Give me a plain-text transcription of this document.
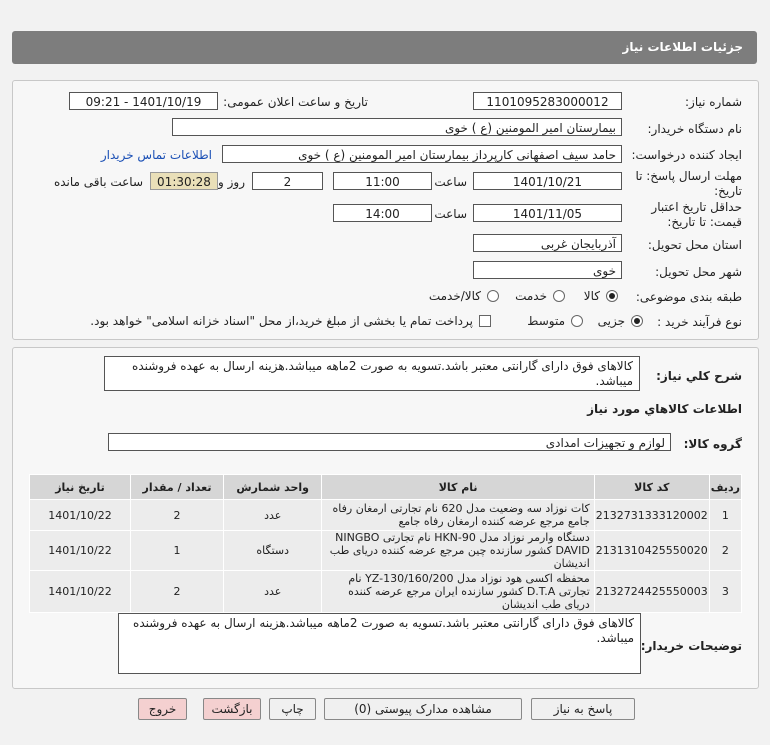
جزئیات اطلاعات نیاز
شماره نیاز:
1101095283000012
تاریخ و ساعت اعلان عمومی:
1401/10/19 - 09:21
نام دستگاه خریدار:
بیمارستان امیر المومنین (ع ) خوی
ایجاد کننده درخواست:
حامد سیف اصفهانی کارپرداز بیمارستان امیر المومنین (ع ) خوی
اطلاعات تماس خریدار
مهلت ارسال پاسخ: تا
تاریخ:
1401/10/21
ساعت
11:00
2
روز و
01:30:28
ساعت باقی مانده
حداقل تاریخ اعتبار
قیمت: تا تاریخ:
1401/11/05
ساعت
14:00
استان محل تحویل:
آذربایجان غربی
شهر محل تحویل:
خوی
طبقه بندی موضوعی:
کالا
خدمت
کالا/خدمت
نوع فرآیند خرید :
جزیی
متوسط
پرداخت تمام یا بخشی از مبلغ خرید،از محل "اسناد خزانه اسلامی" خواهد بود.
شرح کلي نياز:
کالاهای فوق دارای گارانتی معتبر باشد.تسویه به صورت 2ماهه میباشد.هزینه ارسال به عهده فروشنده میباشد.
اطلاعات کالاهاي مورد نياز
گروه کالا:
لوازم و تجهیزات امدادی
ردیف	کد کالا	نام کالا	واحد شمارش	تعداد / مقدار	تاریخ نیاز
1	2132731333120002	کات نوزاد سه وضعیت مدل 620 نام تجارتی ارمغان رفاه جامع مرجع عرضه کننده ارمغان رفاه جامع	عدد	2	1401/10/22
2	2131310425550020	دستگاه وارمر نوزاد مدل HKN-90 نام تجارتی NINGBO DAVID کشور سازنده چین مرجع عرضه کننده دریای طب اندیشان	دستگاه	1	1401/10/22
3	2132724425550003	محفظه اکسی هود نوزاد مدل YZ-130/160/200 نام تجارتی D.T.A کشور سازنده ایران مرجع عرضه کننده دریای طب اندیشان	عدد	2	1401/10/22
توضیحات خریدار:
کالاهای فوق دارای گارانتی معتبر باشد.تسویه به صورت 2ماهه میباشد.هزینه ارسال به عهده فروشنده میباشد.
پاسخ به نیاز
مشاهده مدارک پیوستی (0)
چاپ
بازگشت
خروج
